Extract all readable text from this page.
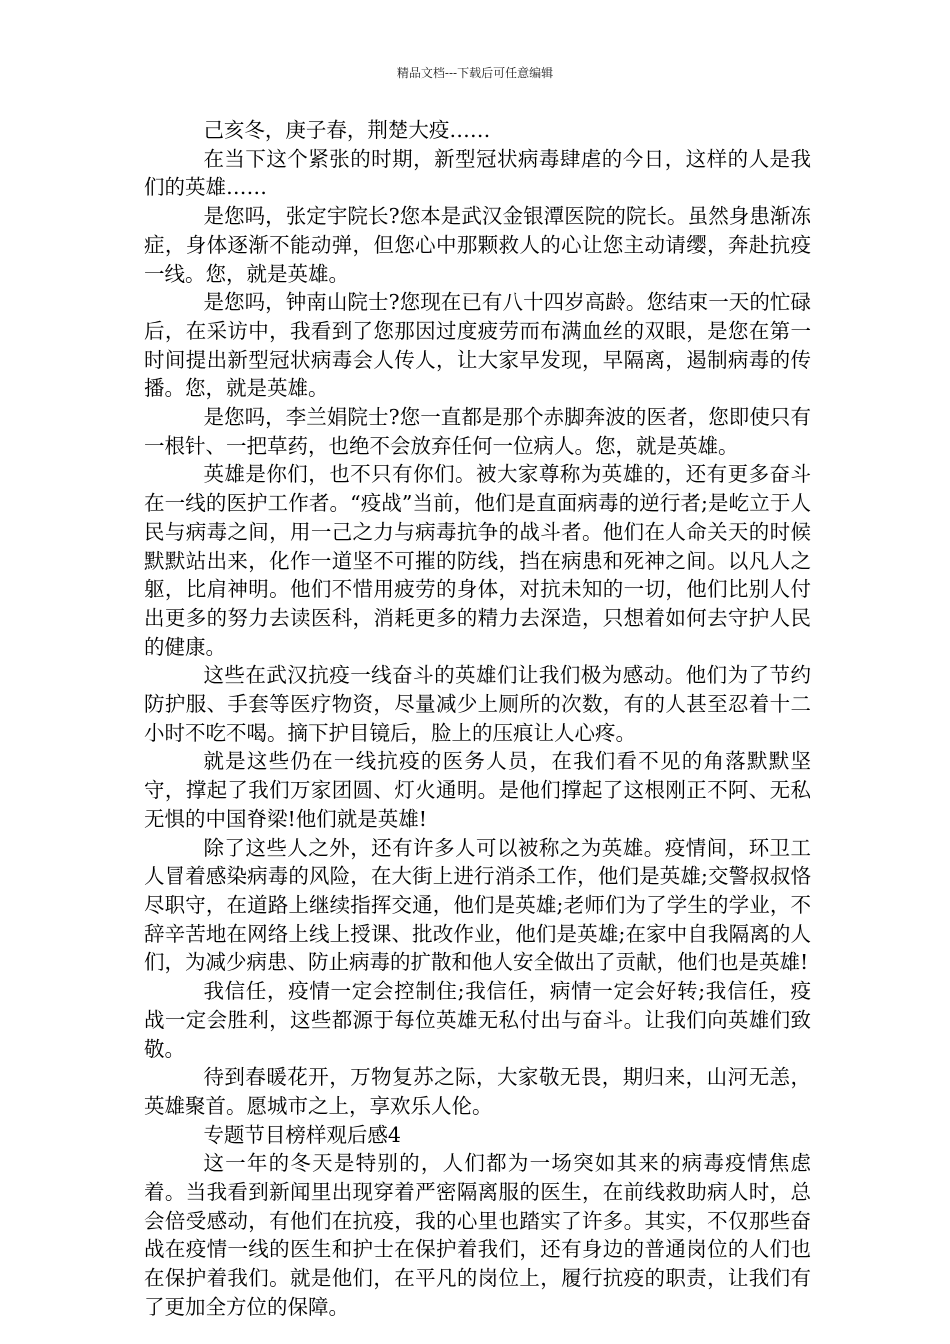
精品文档---下载后可任意编辑

己亥冬，庚子春，荆楚大疫……

在当下这个紧张的时期，新型冠状病毒肆虐的今日，这样的人是我们的英雄……

是您吗，张定宇院长?您本是武汉金银潭医院的院长。虽然身患渐冻症，身体逐渐不能动弹，但您心中那颗救人的心让您主动请缨，奔赴抗疫一线。您，就是英雄。

是您吗，钟南山院士?您现在已有八十四岁高龄。您结束一天的忙碌后，在采访中，我看到了您那因过度疲劳而布满血丝的双眼，是您在第一时间提出新型冠状病毒会人传人，让大家早发现，早隔离，遏制病毒的传播。您，就是英雄。

是您吗，李兰娟院士?您一直都是那个赤脚奔波的医者，您即使只有一根针、一把草药，也绝不会放弃任何一位病人。您，就是英雄。

英雄是你们，也不只有你们。被大家尊称为英雄的，还有更多奋斗在一线的医护工作者。“疫战”当前，他们是直面病毒的逆行者;是屹立于人民与病毒之间，用一己之力与病毒抗争的战斗者。他们在人命关天的时候默默站出来，化作一道坚不可摧的防线，挡在病患和死神之间。以凡人之躯，比肩神明。他们不惜用疲劳的身体，对抗未知的一切，他们比别人付出更多的努力去读医科，消耗更多的精力去深造，只想着如何去守护人民的健康。

这些在武汉抗疫一线奋斗的英雄们让我们极为感动。他们为了节约防护服、手套等医疗物资，尽量减少上厕所的次数，有的人甚至忍着十二小时不吃不喝。摘下护目镜后，脸上的压痕让人心疼。

就是这些仍在一线抗疫的医务人员，在我们看不见的角落默默坚守，撑起了我们万家团圆、灯火通明。是他们撑起了这根刚正不阿、无私无惧的中国脊梁!他们就是英雄!

除了这些人之外，还有许多人可以被称之为英雄。疫情间，环卫工人冒着感染病毒的风险，在大街上进行消杀工作，他们是英雄;交警叔叔恪尽职守，在道路上继续指挥交通，他们是英雄;老师们为了学生的学业，不辞辛苦地在网络上线上授课、批改作业，他们是英雄;在家中自我隔离的人们，为减少病患、防止病毒的扩散和他人安全做出了贡献，他们也是英雄!

我信任，疫情一定会控制住;我信任，病情一定会好转;我信任，疫战一定会胜利，这些都源于每位英雄无私付出与奋斗。让我们向英雄们致敬。

待到春暖花开，万物复苏之际，大家敬无畏，期归来，山河无恙，英雄聚首。愿城市之上，享欢乐人伦。

专题节目榜样观后感4

这一年的冬天是特别的，人们都为一场突如其来的病毒疫情焦虑着。当我看到新闻里出现穿着严密隔离服的医生，在前线救助病人时，总会倍受感动，有他们在抗疫，我的心里也踏实了许多。其实，不仅那些奋战在疫情一线的医生和护士在保护着我们，还有身边的普通岗位的人们也在保护着我们。就是他们，在平凡的岗位上，履行抗疫的职责，让我们有了更加全方位的保障。
